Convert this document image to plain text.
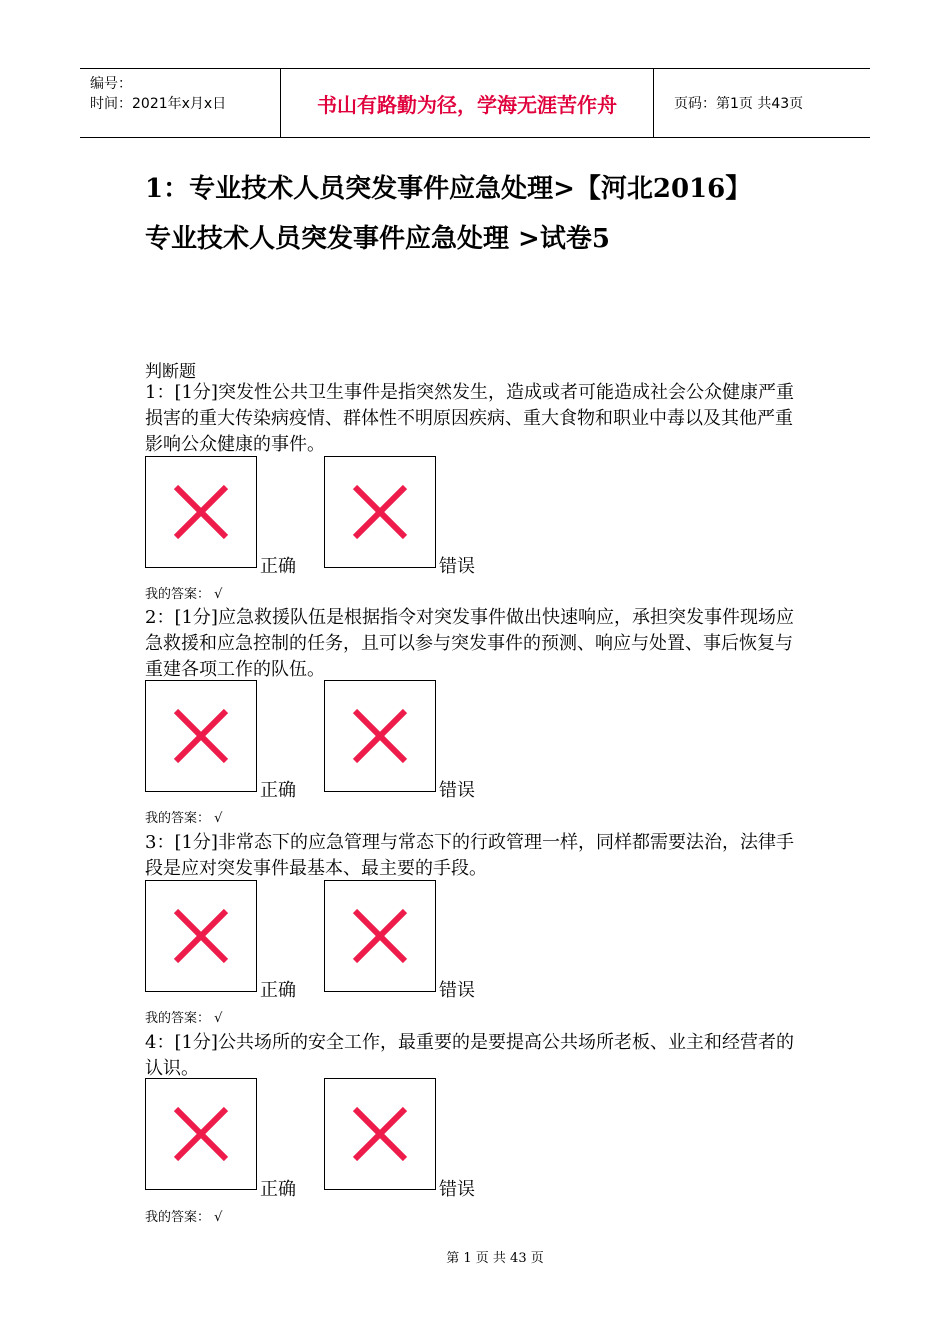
编号：
时间：2021年x月x日	书山有路勤为径，学海无涯苦作舟	页码：第1页 共43页
1：专业技术人员突发事件应急处理>【河北2016】
专业技术人员突发事件应急处理 >试卷5
判断题
1：[1分]突发性公共卫生事件是指突然发生，造成或者可能造成社会公众健康严重损害的重大传染病疫情、群体性不明原因疾病、重大食物和职业中毒以及其他严重影响公众健康的事件。
正确	错误
我的答案： √
2：[1分]应急救援队伍是根据指令对突发事件做出快速响应，承担突发事件现场应急救援和应急控制的任务，且可以参与突发事件的预测、响应与处置、事后恢复与重建各项工作的队伍。
正确	错误
我的答案： √
3：[1分]非常态下的应急管理与常态下的行政管理一样，同样都需要法治，法律手段是应对突发事件最基本、最主要的手段。
正确	错误
我的答案： √
4：[1分]公共场所的安全工作，最重要的是要提高公共场所老板、业主和经营者的认识。
正确	错误
我的答案： √
第 1 页 共 43 页
